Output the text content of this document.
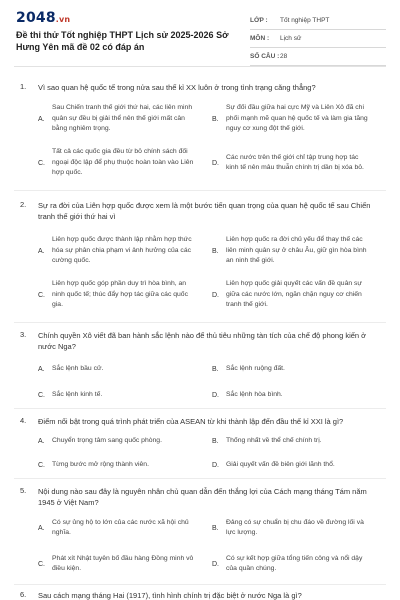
2048.vn
Đề thi thử Tốt nghiệp THPT Lịch sử 2025-2026 Sở Hưng Yên mã đề 02 có đáp án
LỚP :	Tốt nghiệp THPT
MÔN :	Lịch sử
SỐ CÂU : 28
1. Vì sao quan hệ quốc tế trong nửa sau thế kỉ XX luôn ở trong tình trạng căng thẳng?
A.
Sau Chiến tranh thế giới thứ hai, các liên minh quân sự đều bị giải thể nên thế giới mất cân bằng nghiêm trọng.
B.
Sự đối đầu giữa hai cực Mỹ và Liên Xô đã chi phối mạnh mẽ quan hệ quốc tế và làm gia tăng nguy cơ xung đột thế giới.
C.
Tất cả các quốc gia đều từ bỏ chính sách đối ngoại độc lập để phụ thuộc hoàn toàn vào Liên hợp quốc.
D.
Các nước trên thế giới chỉ tập trung hợp tác kinh tế nên mâu thuẫn chính trị dần bị xóa bỏ.
2. Sự ra đời của Liên hợp quốc được xem là một bước tiến quan trọng của quan hệ quốc tế sau Chiến tranh thế giới thứ hai vì
A.
Liên hợp quốc được thành lập nhằm hợp thức hóa sự phân chia phạm vi ảnh hưởng của các cường quốc.
B.
Liên hợp quốc ra đời chủ yếu để thay thế các liên minh quân sự ở châu Âu, giữ gìn hòa bình an ninh thế giới.
C.
Liên hợp quốc góp phần duy trì hòa bình, an ninh quốc tế; thúc đẩy hợp tác giữa các quốc gia.
D.
Liên hợp quốc giải quyết các vấn đề quân sự giữa các nước lớn, ngăn chặn nguy cơ chiến tranh thế giới.
3. Chính quyền Xô viết đã ban hành sắc lệnh nào để thủ tiêu những tàn tích của chế độ phong kiến ở nước Nga?
A.	Sắc lệnh bầu cử.	B.	Sắc lệnh ruộng đất.
C.	Sắc lệnh kinh tế.	D.	Sắc lệnh hòa bình.
4. Điểm nổi bật trong quá trình phát triển của ASEAN từ khi thành lập đến đầu thế kỉ XXI là gì?
A.	Chuyển trọng tâm sang quốc phòng.	B.	Thống nhất về thể chế chính trị.
C.	Từng bước mở rộng thành viên.	D.	Giải quyết vấn đề biên giới lãnh thổ.
5. Nội dung nào sau đây là nguyên nhân chủ quan dẫn đến thắng lợi của Cách mạng tháng Tám năm 1945 ở Việt Nam?
A.
Có sự ủng hộ to lớn của các nước xã hội chủ nghĩa.
B.
Đảng có sự chuẩn bị chu đáo về đường lối và lực lượng.
C.
Phát xít Nhật tuyên bố đầu hàng Đồng minh vô điều kiện.
D.
Có sự kết hợp giữa tổng tiến công và nổi dậy của quần chúng.
6. Sau cách mạng tháng Hai (1917), tình hình chính trị đặc biệt ở nước Nga là gì?
